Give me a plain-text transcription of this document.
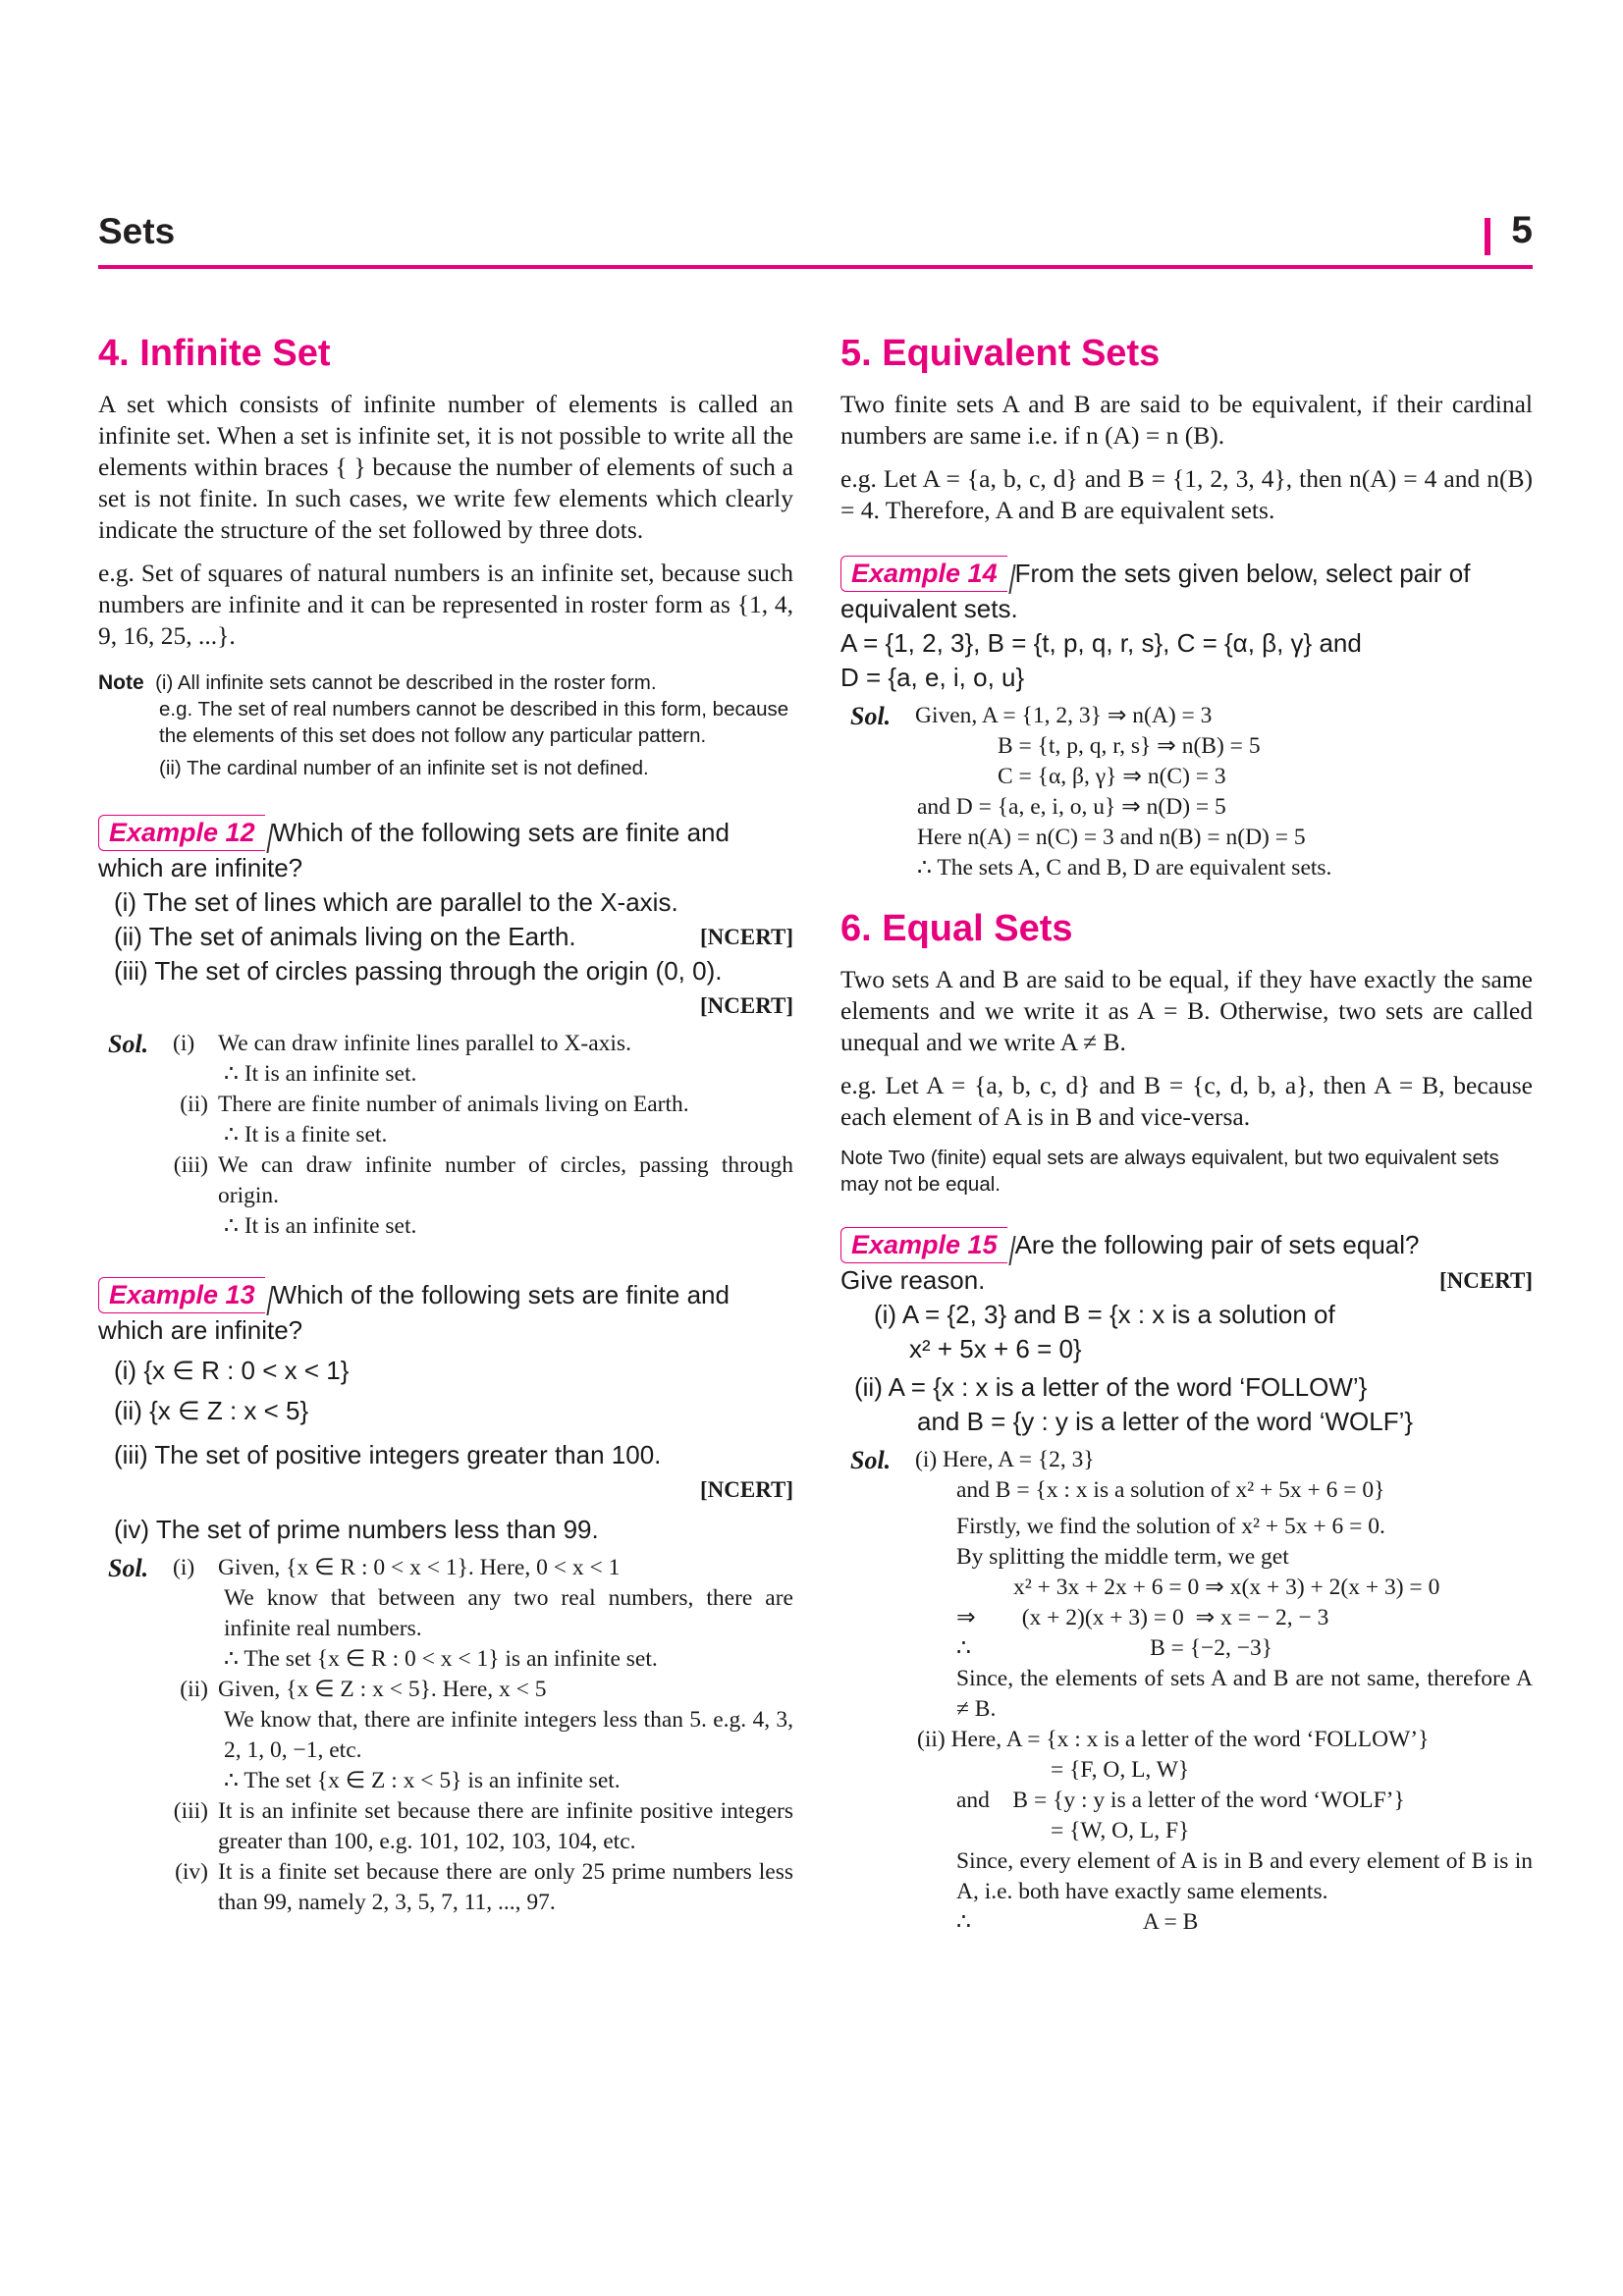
Sets	5
4. Infinite Set

A set which consists of infinite number of elements is called an infinite set. When a set is infinite set, it is not possible to write all the elements within braces { } because the number of elements of such a set is not finite. In such cases, we write few elements which clearly indicate the structure of the set followed by three dots.

e.g. Set of squares of natural numbers is an infinite set, because such numbers are infinite and it can be represented in roster form as {1, 4, 9, 16, 25, ...}.

Note (i) All infinite sets cannot be described in the roster form.
e.g. The set of real numbers cannot be described in this form, because the elements of this set does not follow any particular pattern.
(ii) The cardinal number of an infinite set is not defined.
Example 12 Which of the following sets are finite and which are infinite?
(i) The set of lines which are parallel to the X-axis.
(ii) The set of animals living on the Earth.	[NCERT]
(iii) The set of circles passing through the origin (0, 0).
[NCERT]
Sol.	(i)	We can draw infinite lines parallel to X-axis.
∴ It is an infinite set.
(ii) There are finite number of animals living on Earth.
∴ It is a finite set.
(iii) We can draw infinite number of circles, passing through origin.
∴ It is an infinite set.
Example 13 Which of the following sets are finite and which are infinite?
(i) {x ∈ R : 0 < x < 1}
(ii) {x ∈ Z : x < 5}
(iii) The set of positive integers greater than 100.
[NCERT]
(iv) The set of prime numbers less than 99.
Sol.	(i)	Given, {x ∈ R : 0 < x < 1}. Here, 0 < x < 1
We know that between any two real numbers, there are infinite real numbers.
∴ The set {x ∈ R : 0 < x < 1} is an infinite set.
(ii) Given, {x ∈ Z : x < 5}. Here, x < 5
We know that, there are infinite integers less than 5. e.g. 4, 3, 2, 1, 0, −1, etc.
∴ The set {x ∈ Z : x < 5} is an infinite set.
(iii) It is an infinite set because there are infinite positive integers greater than 100, e.g. 101, 102, 103, 104, etc.
(iv) It is a finite set because there are only 25 prime numbers less than 99, namely 2, 3, 5, 7, 11, ..., 97.
5. Equivalent Sets

Two finite sets A and B are said to be equivalent, if their cardinal numbers are same i.e. if n (A) = n (B).

e.g. Let A = {a, b, c, d} and B = {1, 2, 3, 4}, then n(A) = 4 and n(B) = 4. Therefore, A and B are equivalent sets.

Example 14 From the sets given below, select pair of equivalent sets.
A = {1, 2, 3}, B = {t, p, q, r, s}, C = {α, β, γ} and
D = {a, e, i, o, u}
Sol.	Given, A = {1, 2, 3} ⇒ n(A) = 3
B = {t, p, q, r, s} ⇒ n(B) = 5
C = {α, β, γ} ⇒ n(C) = 3
and D = {a, e, i, o, u} ⇒ n(D) = 5
Here n(A) = n(C) = 3 and n(B) = n(D) = 5
∴ The sets A, C and B, D are equivalent sets.
6. Equal Sets

Two sets A and B are said to be equal, if they have exactly the same elements and we write it as A = B. Otherwise, two sets are called unequal and we write A ≠ B.

e.g. Let A = {a, b, c, d} and B = {c, d, b, a}, then A = B, because each element of A is in B and vice-versa.

Note Two (finite) equal sets are always equivalent, but two equivalent sets may not be equal.
Example 15 Are the following pair of sets equal?
Give reason.	[NCERT]
(i) A = {2, 3} and B = {x : x is a solution of
x² + 5x + 6 = 0}
(ii) A = {x : x is a letter of the word ‘FOLLOW’}
and B = {y : y is a letter of the word ‘WOLF’}
Sol.	(i) Here, A = {2, 3}
and B = {x : x is a solution of x² + 5x + 6 = 0}
Firstly, we find the solution of x² + 5x + 6 = 0.
By splitting the middle term, we get
x² + 3x + 2x + 6 = 0 ⇒ x(x + 3) + 2(x + 3) = 0
⇒        (x + 2)(x + 3) = 0  ⇒ x = − 2, − 3
∴                               B = {−2, −3}
Since, the elements of sets A and B are not same, therefore A ≠ B.
(ii) Here, A = {x : x is a letter of the word ‘FOLLOW’}
= {F, O, L, W}
and    B = {y : y is a letter of the word ‘WOLF’}
= {W, O, L, F}
Since, every element of A is in B and every element of B is in A, i.e. both have exactly same elements.
∴                              A = B
